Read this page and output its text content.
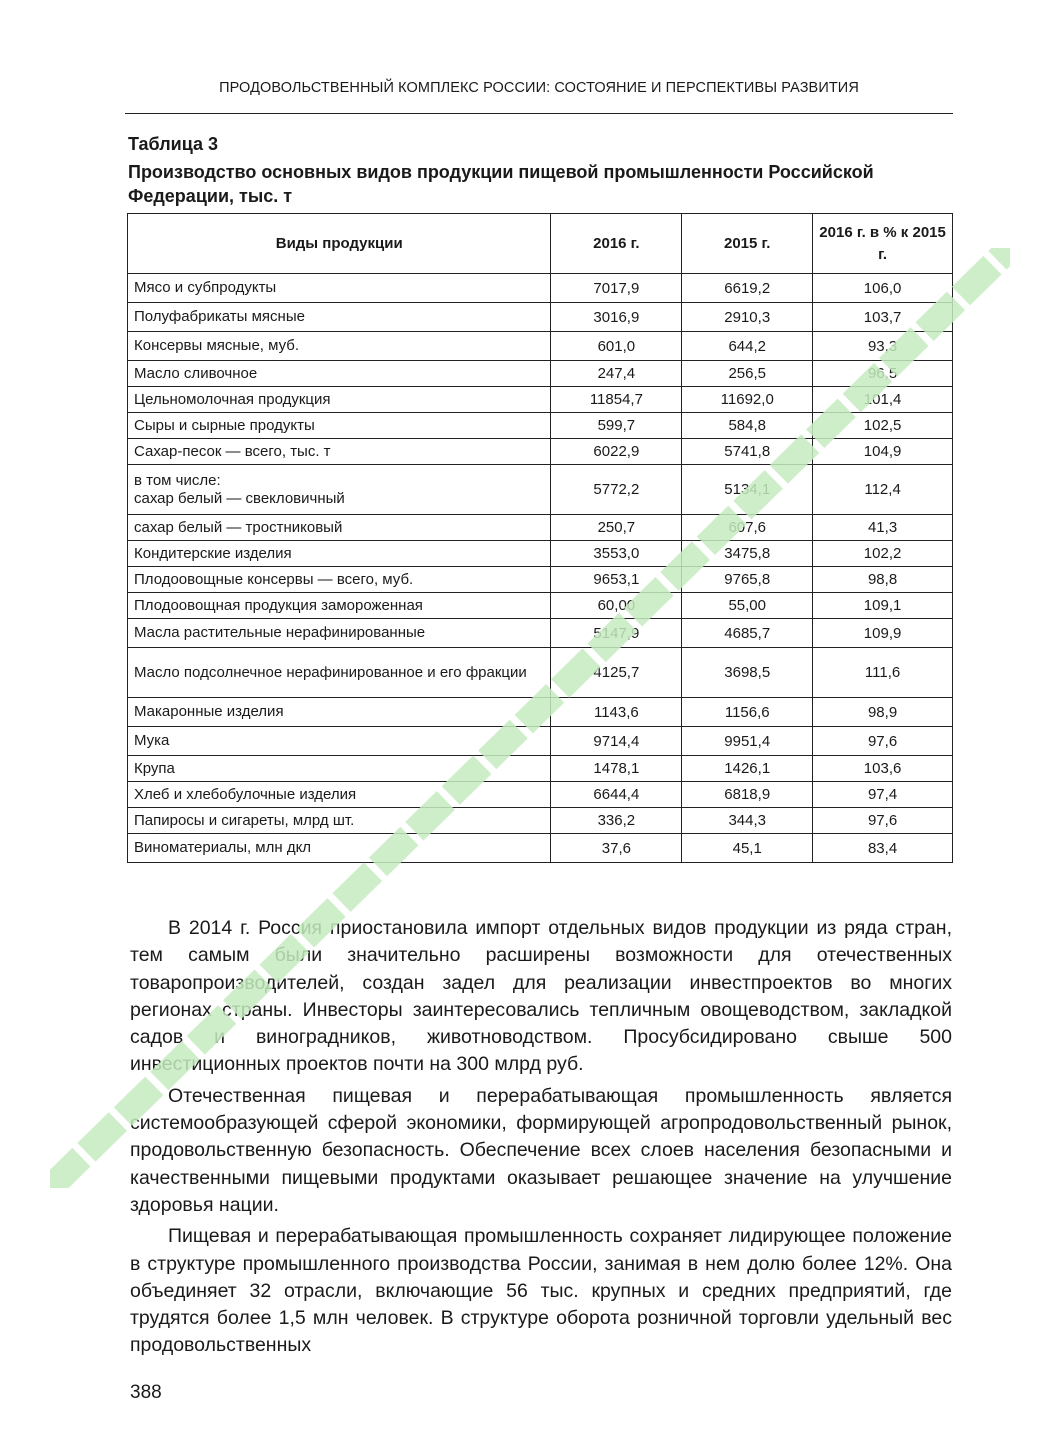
ПРОДОВОЛЬСТВЕННЫЙ КОМПЛЕКС РОССИИ: СОСТОЯНИЕ И ПЕРСПЕКТИВЫ РАЗВИТИЯ
Таблица 3
Производство основных видов продукции пищевой промышленности Российской Федерации, тыс. т
Виды продукции	2016 г.	2015 г.	2016 г. в % к 2015 г.
Мясо и субпродукты	7017,9	6619,2	106,0
Полуфабрикаты мясные	3016,9	2910,3	103,7
Консервы мясные, муб.	601,0	644,2	93,3
Масло сливочное	247,4	256,5	96,5
Цельномолочная продукция	11854,7	11692,0	101,4
Сыры и сырные продукты	599,7	584,8	102,5
Сахар-песок — всего, тыс. т	6022,9	5741,8	104,9
в том числе:
сахар белый — свекловичный	5772,2	5134,1	112,4
сахар белый — тростниковый	250,7	607,6	41,3
Кондитерские изделия	3553,0	3475,8	102,2
Плодоовощные консервы — всего, муб.	9653,1	9765,8	98,8
Плодоовощная продукция замороженная	60,00	55,00	109,1
Масла растительные нерафинированные	5147,9	4685,7	109,9
Масло подсолнечное нерафинированное и его фракции	4125,7	3698,5	111,6
Макаронные изделия	1143,6	1156,6	98,9
Мука	9714,4	9951,4	97,6
Крупа	1478,1	1426,1	103,6
Хлеб и хлебобулочные изделия	6644,4	6818,9	97,4
Папиросы и сигареты, млрд шт.	336,2	344,3	97,6
Виноматериалы, млн дкл	37,6	45,1	83,4

В 2014 г. Россия приостановила импорт отдельных видов продукции из ряда стран, тем самым были значительно расширены возможности для отечественных товаропроизводителей, создан задел для реализации инвестпроектов во многих регионах страны. Инвесторы заинтересовались тепличным овощеводством, закладкой садов и виноградников, животноводством. Просубсидировано свыше 500 инвестиционных проектов почти на 300 млрд руб.

Отечественная пищевая и перерабатывающая промышленность является системообразующей сферой экономики, формирующей агропродовольственный рынок, продовольственную безопасность. Обеспечение всех слоев населения безопасными и качественными пищевыми продуктами оказывает решающее значение на улучшение здоровья нации.

Пищевая и перерабатывающая промышленность сохраняет лидирующее положение в структуре промышленного производства России, занимая в нем долю более 12%. Она объединяет 32 отрасли, включающие 56 тыс. крупных и средних предприятий, где трудятся более 1,5 млн человек. В структуре оборота розничной торговли удельный вес продовольственных

388
